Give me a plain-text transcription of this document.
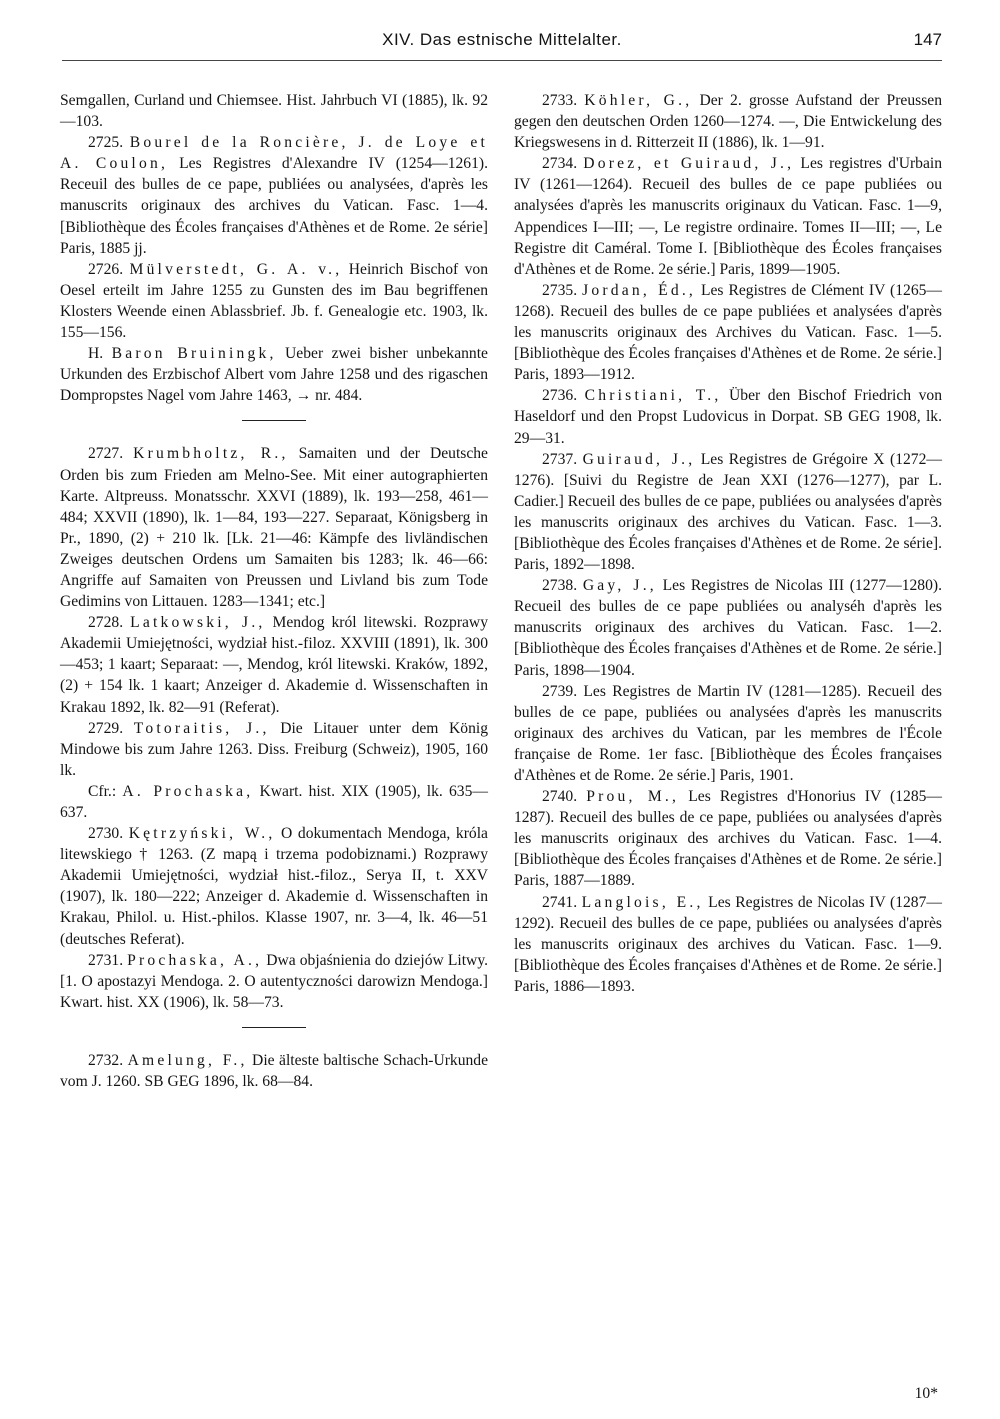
XIV. Das estnische Mittelalter.	147

Semgallen, Curland und Chiemsee. Hist. Jahrbuch VI (1885), lk. 92—103.

2725. Bourel de la Roncière, J. de Loye et A. Coulon, Les Registres d'Alexandre IV (1254—1261). Receuil des bulles de ce pape, publiées ou analysées, d'après les manuscrits originaux des archives du Vatican. Fasc. 1—4. [Bibliothèque des Écoles françaises d'Athènes et de Rome. 2e série] Paris, 1885 jj.

2726. Mülverstedt, G. A. v., Heinrich Bischof von Oesel erteilt im Jahre 1255 zu Gunsten des im Bau begriffenen Klosters Weende einen Ablassbrief. Jb. f. Genealogie etc. 1903, lk. 155—156.

H. Baron Bruiningk, Ueber zwei bisher unbekannte Urkunden des Erzbischof Albert vom Jahre 1258 und des rigaschen Dompropstes Nagel vom Jahre 1463, → nr. 484.

2727. Krumbholtz, R., Samaiten und der Deutsche Orden bis zum Frieden am Melno-See. Mit einer autographierten Karte. Altpreuss. Monatsschr. XXVI (1889), lk. 193—258, 461—484; XXVII (1890), lk. 1—84, 193—227. Separaat, Königsberg in Pr., 1890, (2) + 210 lk. [Lk. 21—46: Kämpfe des livländischen Zweiges deutschen Ordens um Samaiten bis 1283; lk. 46—66: Angriffe auf Samaiten von Preussen und Livland bis zum Tode Gedimins von Littauen. 1283—1341; etc.]

2728. Latkowski, J., Mendog król litewski. Rozprawy Akademii Umiejętności, wydział hist.-filoz. XXVIII (1891), lk. 300—453; 1 kaart; Separaat: —, Mendog, król litewski. Kraków, 1892, (2) + 154 lk. 1 kaart; Anzeiger d. Akademie d. Wissenschaften in Krakau 1892, lk. 82—91 (Referat).

2729. Totoraitis, J., Die Litauer unter dem König Mindowe bis zum Jahre 1263. Diss. Freiburg (Schweiz), 1905, 160 lk.

Cfr.: A. Prochaska, Kwart. hist. XIX (1905), lk. 635—637.

2730. Kętrzyński, W., O dokumentach Mendoga, króla litewskiego † 1263. (Z mapą i trzema podobiznami.) Rozprawy Akademii Umiejętności, wydział hist.-filoz., Serya II, t. XXV (1907), lk. 180—222; Anzeiger d. Akademie d. Wissenschaften in Krakau, Philol. u. Hist.-philos. Klasse 1907, nr. 3—4, lk. 46—51 (deutsches Referat).

2731. Prochaska, A., Dwa objaśnienia do dziejów Litwy. [1. O apostazyi Mendoga. 2. O autentyczności darowizn Mendoga.] Kwart. hist. XX (1906), lk. 58—73.

2732. Amelung, F., Die älteste baltische Schach-Urkunde vom J. 1260. SB GEG 1896, lk. 68—84.

2733. Köhler, G., Der 2. grosse Aufstand der Preussen gegen den deutschen Orden 1260—1274. —, Die Entwickelung des Kriegswesens in d. Ritterzeit II (1886), lk. 1—91.

2734. Dorez, et Guiraud, J., Les registres d'Urbain IV (1261—1264). Recueil des bulles de ce pape publiées ou analysées d'après les manuscrits originaux du Vatican. Fasc. 1—9, Appendices I—III; —, Le registre ordinaire. Tomes II—III; —, Le Registre dit Caméral. Tome I. [Bibliothèque des Écoles françaises d'Athènes et de Rome. 2e série.] Paris, 1899—1905.

2735. Jordan, Éd., Les Registres de Clément IV (1265—1268). Recueil des bulles de ce pape publiées et analysées d'après les manuscrits originaux des Archives du Vatican. Fasc. 1—5. [Bibliothèque des Écoles françaises d'Athènes et de Rome. 2e série.] Paris, 1893—1912.

2736. Christiani, T., Über den Bischof Friedrich von Haseldorf und den Propst Ludovicus in Dorpat. SB GEG 1908, lk. 29—31.

2737. Guiraud, J., Les Registres de Grégoire X (1272—1276). [Suivi du Registre de Jean XXI (1276—1277), par L. Cadier.] Recueil des bulles de ce pape, publiées ou analysées d'après les manuscrits originaux des archives du Vatican. Fasc. 1—3. [Bibliothèque des Écoles françaises d'Athènes et de Rome. 2e série]. Paris, 1892—1898.

2738. Gay, J., Les Registres de Nicolas III (1277—1280). Recueil des bulles de ce pape publiées ou analyséh d'après les manuscrits originaux des archives du Vatican. Fasc. 1—2. [Bibliothèque des Écoles françaises d'Athènes et de Rome. 2e série.] Paris, 1898—1904.

2739. Les Registres de Martin IV (1281—1285). Recueil des bulles de ce pape, publiées ou analysées d'après les manuscrits originaux des archives du Vatican, par les membres de l'École française de Rome. 1er fasc. [Bibliothèque des Écoles françaises d'Athènes et de Rome. 2e série.] Paris, 1901.

2740. Prou, M., Les Registres d'Honorius IV (1285—1287). Recueil des bulles de ce pape, publiées ou analysées d'après les manuscrits originaux des archives du Vatican. Fasc. 1—4. [Bibliothèque des Écoles françaises d'Athènes et de Rome. 2e série.] Paris, 1887—1889.

2741. Langlois, E., Les Registres de Nicolas IV (1287—1292). Recueil des bulles de ce pape, publiées ou analysées d'après les manuscrits originaux des archives du Vatican. Fasc. 1—9. [Bibliothèque des Écoles françaises d'Athènes et de Rome. 2e série.] Paris, 1886—1893.

10*
